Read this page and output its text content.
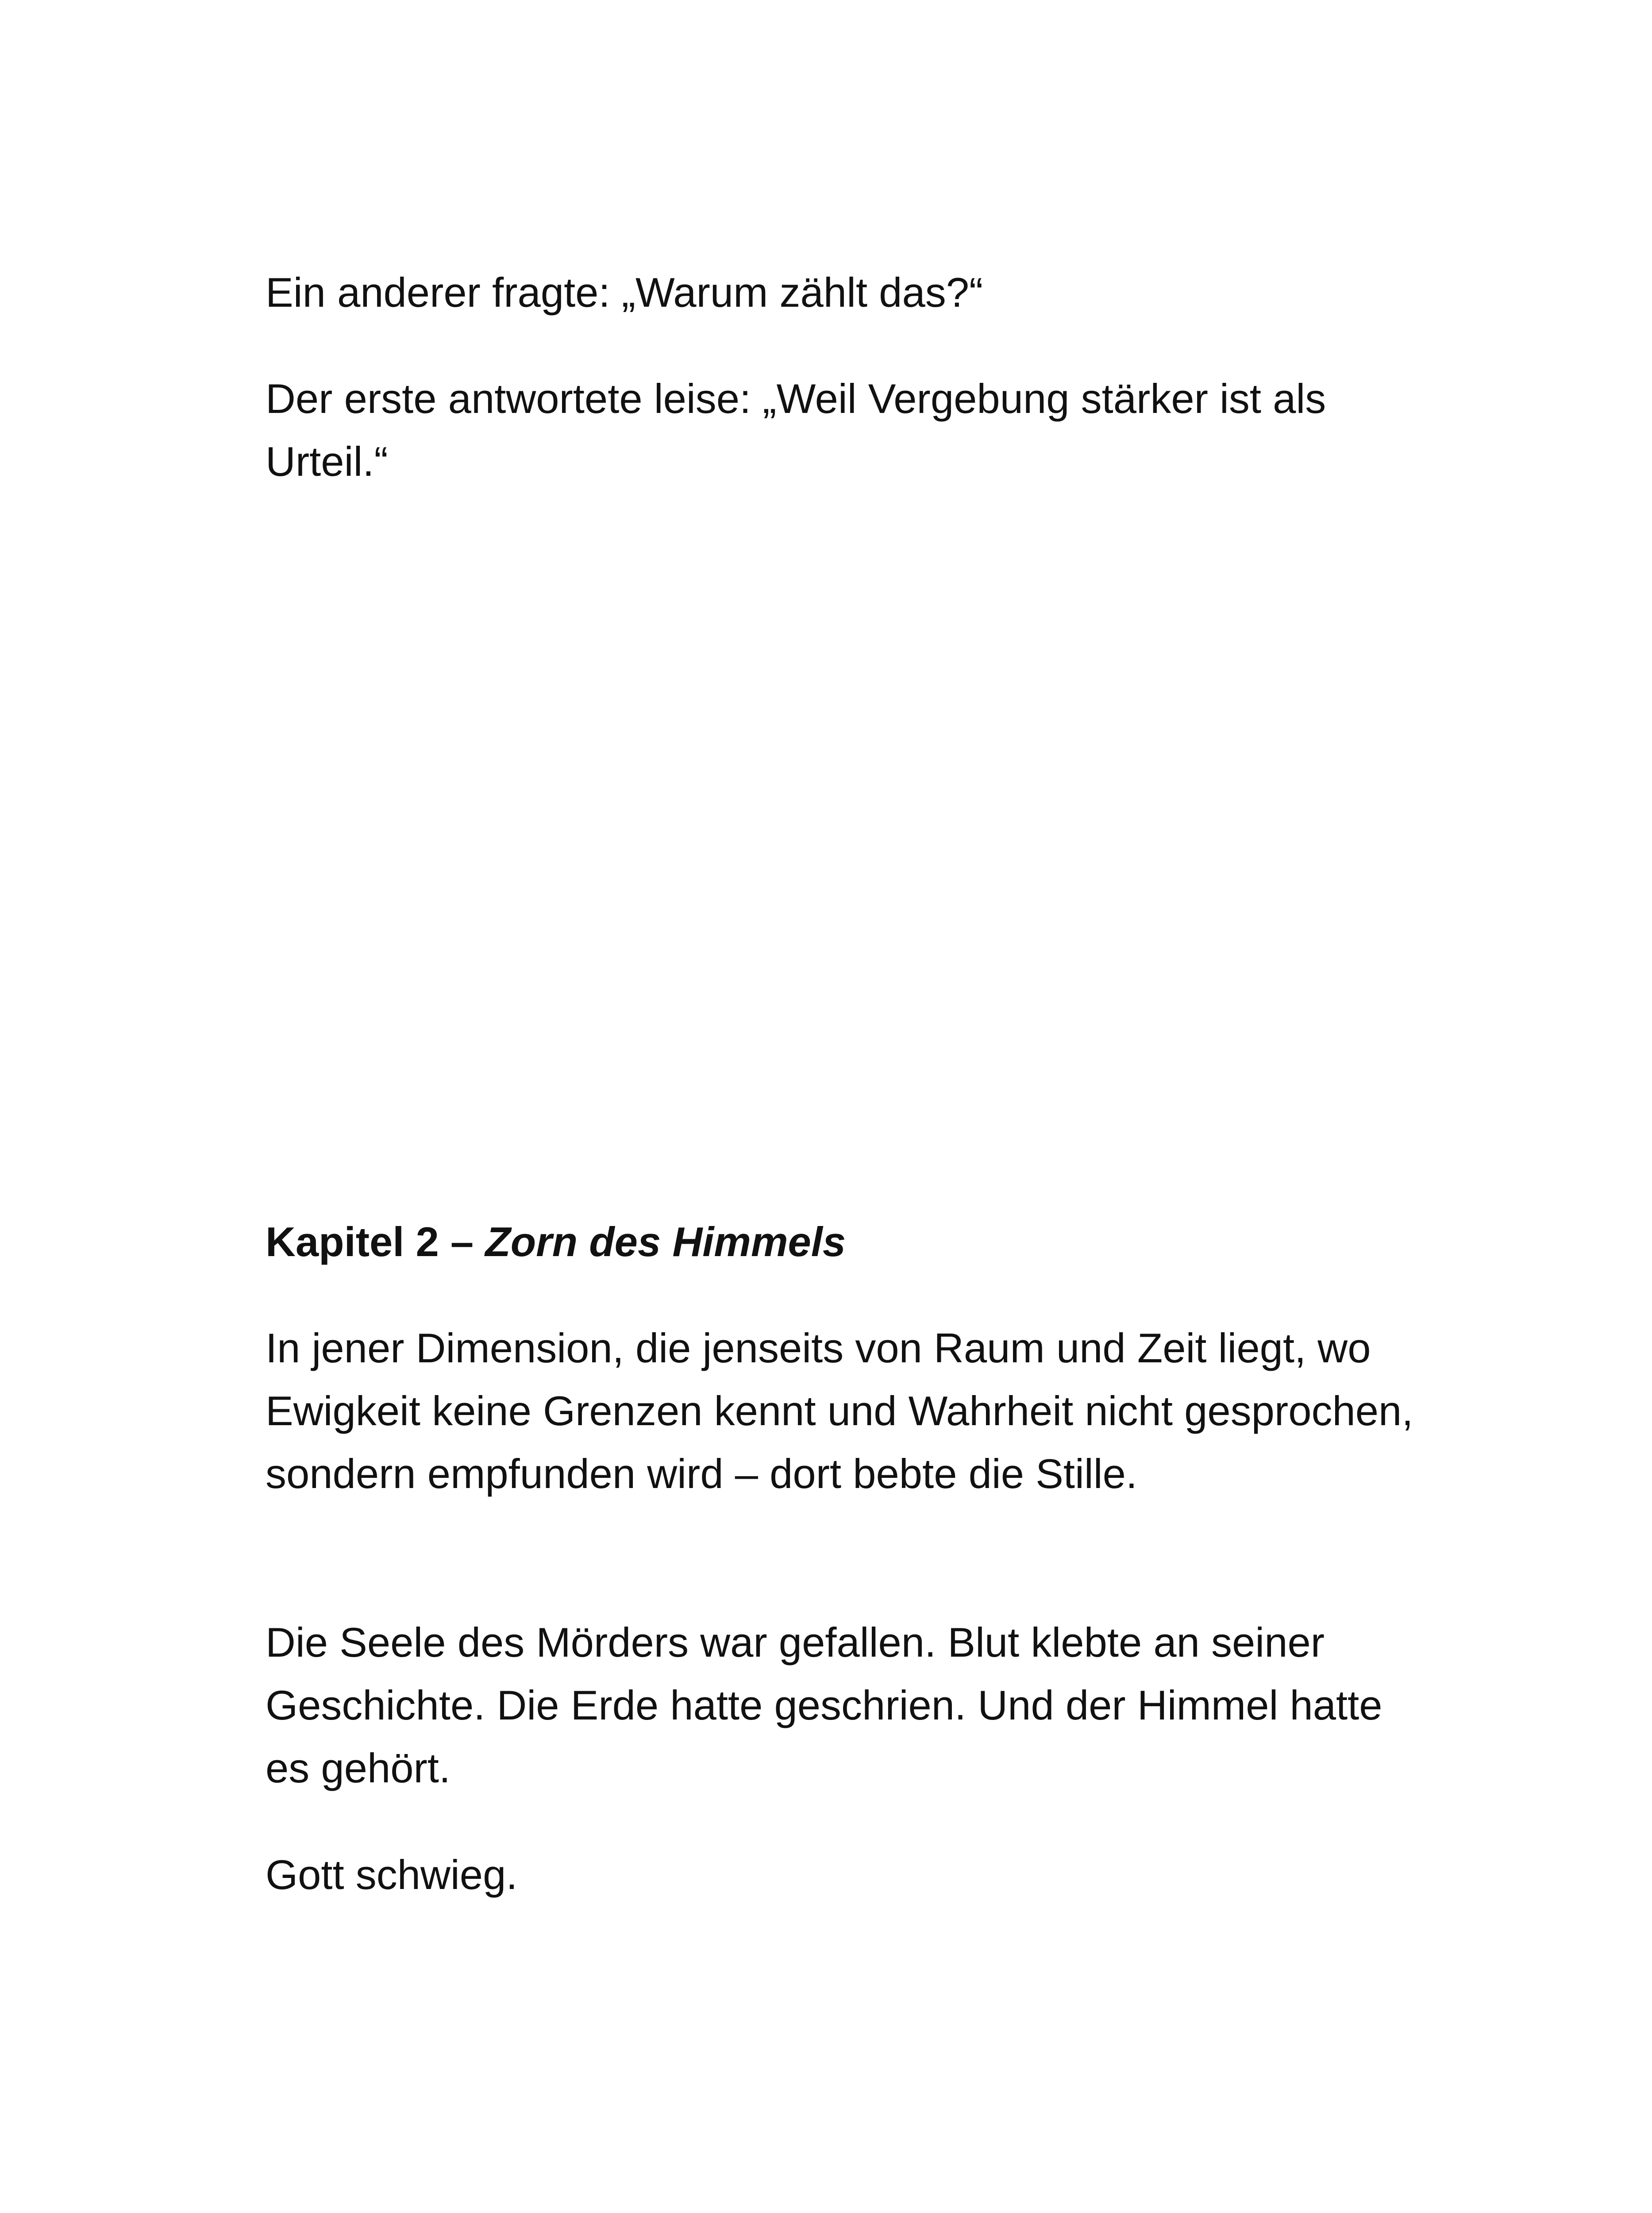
Ein anderer fragte: „Warum zählt das?“

Der erste antwortete leise: „Weil Vergebung stärker ist als Urteil.“

Kapitel 2 – Zorn des Himmels

In jener Dimension, die jenseits von Raum und Zeit liegt, wo Ewigkeit keine Grenzen kennt und Wahrheit nicht gesprochen, sondern empfunden wird – dort bebte die Stille.

Die Seele des Mörders war gefallen. Blut klebte an seiner Geschichte. Die Erde hatte geschrien. Und der Himmel hatte es gehört.

Gott schwieg.
